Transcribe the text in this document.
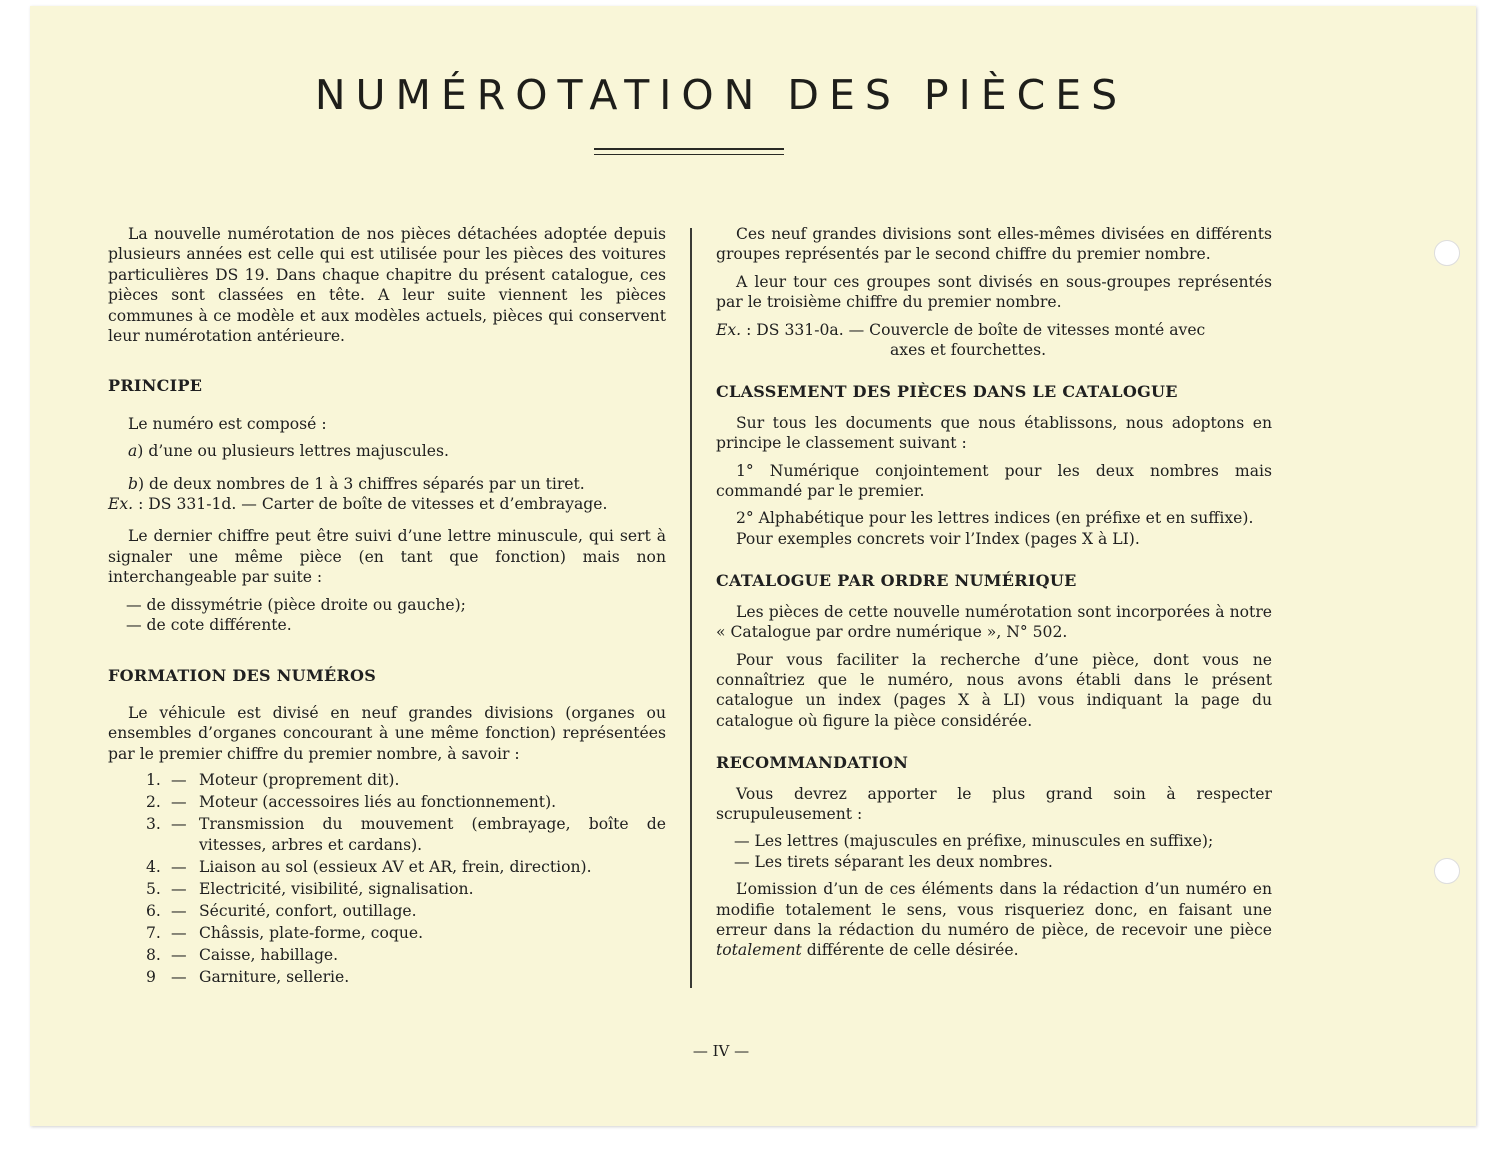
NUMÉROTATION DES PIÈCES

La nouvelle numérotation de nos pièces détachées adoptée depuis plusieurs années est celle qui est utilisée pour les pièces des voitures particulières DS 19. Dans chaque chapitre du présent catalogue, ces pièces sont classées en tête. A leur suite viennent les pièces communes à ce modèle et aux modèles actuels, pièces qui conservent leur numérotation antérieure.

PRINCIPE

Le numéro est composé :

a) d’une ou plusieurs lettres majuscules.

b) de deux nombres de 1 à 3 chiffres séparés par un tiret.

Ex. : DS 331-1d. — Carter de boîte de vitesses et d’embrayage.

Le dernier chiffre peut être suivi d’une lettre minuscule, qui sert à signaler une même pièce (en tant que fonction) mais non interchangeable par suite :

— de dissymétrie (pièce droite ou gauche);

— de cote différente.

FORMATION DES NUMÉROS

Le véhicule est divisé en neuf grandes divisions (organes ou ensembles d’organes concourant à une même fonction) représentées par le premier chiffre du premier nombre, à savoir :

1. — Moteur (proprement dit).
2. — Moteur (accessoires liés au fonctionnement).
3. — Transmission du mouvement (embrayage, boîte de vitesses, arbres et cardans).
4. — Liaison au sol (essieux AV et AR, frein, direction).
5. — Electricité, visibilité, signalisation.
6. — Sécurité, confort, outillage.
7. — Châssis, plate-forme, coque.
8. — Caisse, habillage.
9 — Garniture, sellerie.

Ces neuf grandes divisions sont elles-mêmes divisées en différents groupes représentés par le second chiffre du premier nombre.

A leur tour ces groupes sont divisés en sous-groupes représentés par le troisième chiffre du premier nombre.

Ex. : DS 331-0a. — Couvercle de boîte de vitesses monté avec

axes et fourchettes.

CLASSEMENT DES PIÈCES DANS LE CATALOGUE

Sur tous les documents que nous établissons, nous adoptons en principe le classement suivant :

1° Numérique conjointement pour les deux nombres mais commandé par le premier.

2° Alphabétique pour les lettres indices (en préfixe et en suffixe).

Pour exemples concrets voir l’Index (pages X à LI).

CATALOGUE PAR ORDRE NUMÉRIQUE

Les pièces de cette nouvelle numérotation sont incorporées à notre « Catalogue par ordre numérique », N° 502.

Pour vous faciliter la recherche d’une pièce, dont vous ne connaîtriez que le numéro, nous avons établi dans le présent catalogue un index (pages X à LI) vous indiquant la page du catalogue où figure la pièce considérée.

RECOMMANDATION

Vous devrez apporter le plus grand soin à respecter scrupuleusement :

— Les lettres (majuscules en préfixe, minuscules en suffixe);

— Les tirets séparant les deux nombres.

L’omission d’un de ces éléments dans la rédaction d’un numéro en modifie totalement le sens, vous risqueriez donc, en faisant une erreur dans la rédaction du numéro de pièce, de recevoir une pièce totalement différente de celle désirée.

— IV —
